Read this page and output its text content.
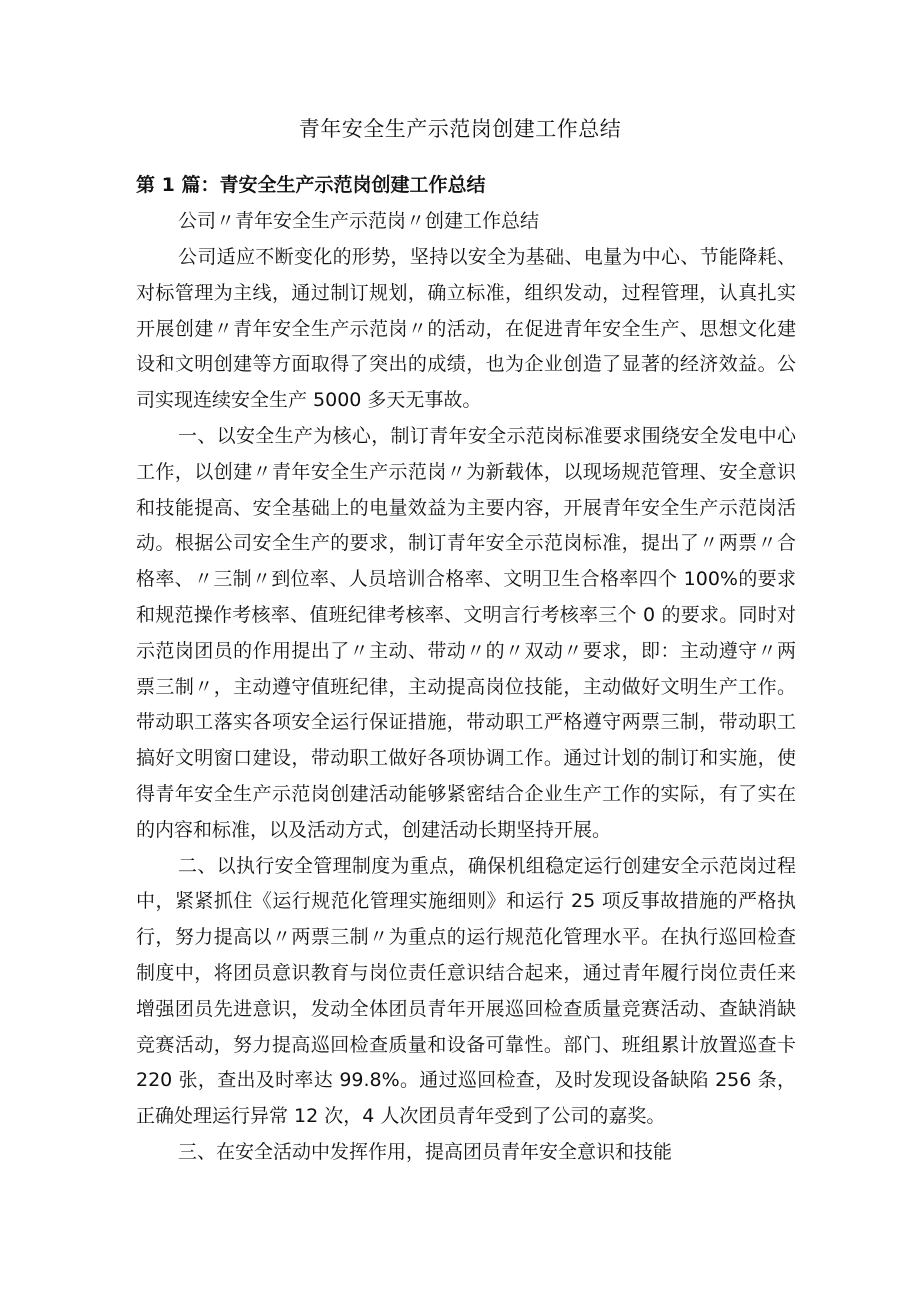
青年安全生产示范岗创建工作总结
第 1 篇：青安全生产示范岗创建工作总结

公司〃青年安全生产示范岗〃创建工作总结

公司适应不断变化的形势，坚持以安全为基础、电量为中心、节能降耗、对标管理为主线，通过制订规划，确立标准，组织发动，过程管理，认真扎实开展创建〃青年安全生产示范岗〃的活动，在促进青年安全生产、思想文化建设和文明创建等方面取得了突出的成绩，也为企业创造了显著的经济效益。公司实现连续安全生产 5000 多天无事故。

一、以安全生产为核心，制订青年安全示范岗标准要求围绕安全发电中心工作，以创建〃青年安全生产示范岗〃为新载体，以现场规范管理、安全意识和技能提高、安全基础上的电量效益为主要内容，开展青年安全生产示范岗活动。根据公司安全生产的要求，制订青年安全示范岗标准，提出了〃两票〃合格率、〃三制〃到位率、人员培训合格率、文明卫生合格率四个 100%的要求和规范操作考核率、值班纪律考核率、文明言行考核率三个 0 的要求。同时对示范岗团员的作用提出了〃主动、带动〃的〃双动〃要求，即：主动遵守〃两票三制〃，主动遵守值班纪律，主动提高岗位技能，主动做好文明生产工作。带动职工落实各项安全运行保证措施，带动职工严格遵守两票三制，带动职工搞好文明窗口建设，带动职工做好各项协调工作。通过计划的制订和实施，使得青年安全生产示范岗创建活动能够紧密结合企业生产工作的实际，有了实在的内容和标准，以及活动方式，创建活动长期坚持开展。

二、以执行安全管理制度为重点，确保机组稳定运行创建安全示范岗过程中，紧紧抓住《运行规范化管理实施细则》和运行 25 项反事故措施的严格执行，努力提高以〃两票三制〃为重点的运行规范化管理水平。在执行巡回检查制度中，将团员意识教育与岗位责任意识结合起来，通过青年履行岗位责任来增强团员先进意识，发动全体团员青年开展巡回检查质量竞赛活动、查缺消缺竞赛活动，努力提高巡回检查质量和设备可靠性。部门、班组累计放置巡查卡 220 张，查出及时率达 99.8%。通过巡回检查，及时发现设备缺陷 256 条，正确处理运行异常 12 次，4 人次团员青年受到了公司的嘉奖。

三、在安全活动中发挥作用，提高团员青年安全意识和技能
